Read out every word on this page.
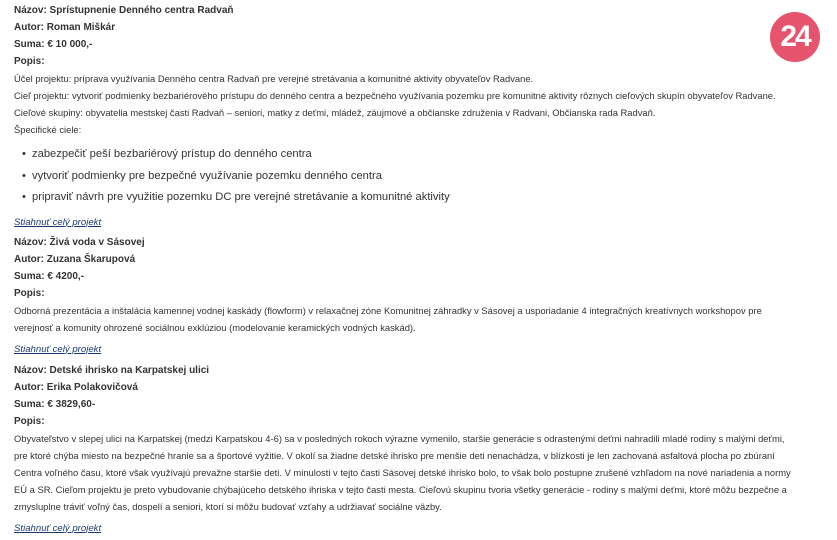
24

Názov: Sprístupnenie Denného centra Radvaň

Autor: Roman Miškár

Suma: € 10 000,-

Popis:

Účel projektu: príprava využívania Denného centra Radvaň pre verejné stretávania a komunitné aktivity obyvateľov Radvane.
Cieľ projektu: vytvoriť podmienky bezbariérového prístupu do denného centra a bezpečného využívania pozemku pre komunitné aktivity rôznych cieľových skupín obyvateľov Radvane.
Cieľové skupiny: obyvatelia mestskej časti Radvaň – seniori, matky z deťmi, mládež, záujmové a občianske združenia v Radvani, Občianska rada Radvaň.
Špecifické ciele:
• zabezpečiť peší bezbariérový prístup do denného centra
• vytvoriť podmienky pre bezpečné využívanie pozemku denného centra
• pripraviť návrh pre využitie pozemku DC pre verejné stretávanie a komunitné aktivity
Stiahnuť celý projekt

Názov: Živá voda v Sásovej

Autor: Zuzana Škarupová

Suma: € 4200,-

Popis:

Odborná prezentácia a inštalácia kamennej vodnej kaskády (flowform) v relaxačnej zóne Komunitnej záhradky v Sásovej a usporiadanie 4 integračných kreatívnych workshopov pre
verejnosť a komunity ohrozené sociálnou exklúziou (modelovanie keramických vodných kaskád).
Stiahnuť celý projekt

Názov: Detské ihrisko na Karpatskej ulici

Autor: Erika Polakovičová

Suma: € 3829,60-

Popis:

Obyvateľstvo v slepej ulici na Karpatskej (medzi Karpatskou 4-6) sa v posledných rokoch výrazne vymenilo, staršie generácie s odrastenými deťmi nahradili mladé rodiny s malými deťmi,
pre ktoré chýba miesto na bezpečné hranie sa a športové vyžitie. V okolí sa žiadne detské ihrisko pre menšie deti nenachádza, v blízkosti je len zachovaná asfaltová plocha po zbúraní
Centra voľného času, ktoré však využívajú prevažne staršie deti. V minulosti v tejto časti Sásovej detské ihrisko bolo, to však bolo postupne zrušené vzhľadom na nové nariadenia a normy
EÚ a SR. Cieľom projektu je preto vybudovanie chýbajúceho detského ihriska v tejto časti mesta. Cieľovú skupinu tvoria všetky generácie - rodiny s malými deťmi, ktoré môžu bezpečne a
zmysluplne tráviť voľný čas, dospelí a seniori, ktorí si môžu budovať vzťahy a udržiavať sociálne väzby.
Stiahnuť celý projekt
